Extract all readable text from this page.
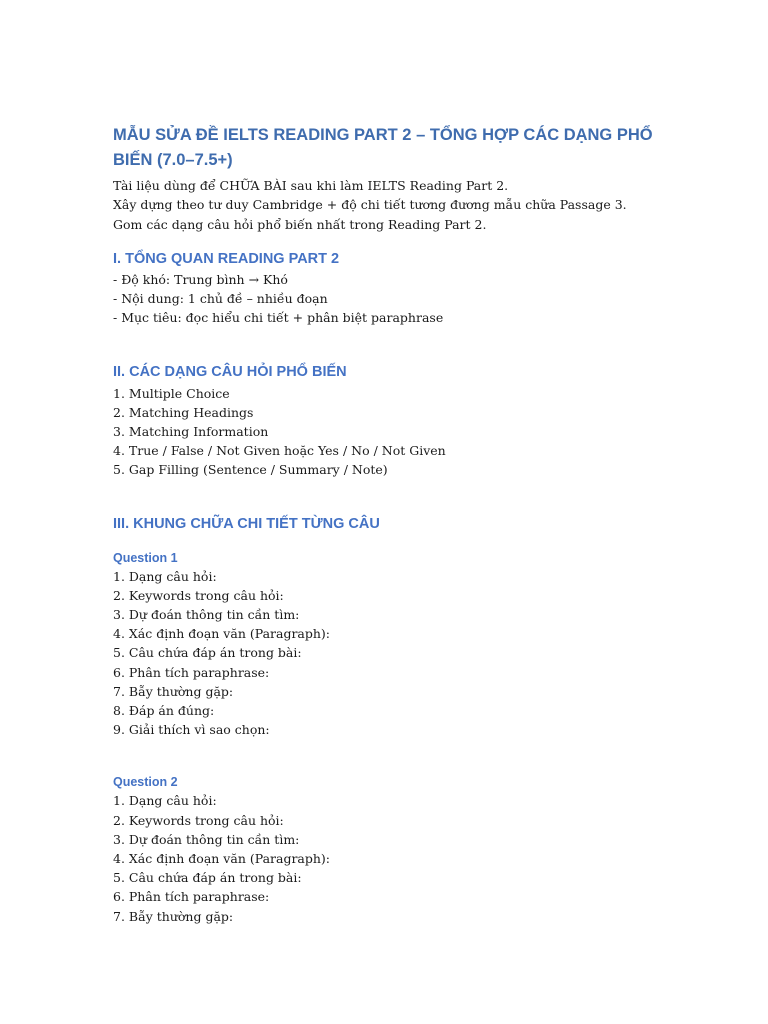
MẪU SỬA ĐỀ IELTS READING PART 2 – TỔNG HỢP CÁC DẠNG PHỔ BIẾN (7.0–7.5+)

Tài liệu dùng để CHỮA BÀI sau khi làm IELTS Reading Part 2.

Xây dựng theo tư duy Cambridge + độ chi tiết tương đương mẫu chữa Passage 3.

Gom các dạng câu hỏi phổ biến nhất trong Reading Part 2.

I. TỔNG QUAN READING PART 2
- Độ khó: Trung bình → Khó
- Nội dung: 1 chủ đề – nhiều đoạn
- Mục tiêu: đọc hiểu chi tiết + phân biệt paraphrase
II. CÁC DẠNG CÂU HỎI PHỔ BIẾN
1. Multiple Choice
2. Matching Headings
3. Matching Information
4. True / False / Not Given hoặc Yes / No / Not Given
5. Gap Filling (Sentence / Summary / Note)
III. KHUNG CHỮA CHI TIẾT TỪNG CÂU
Question 1
1. Dạng câu hỏi:
2. Keywords trong câu hỏi:
3. Dự đoán thông tin cần tìm:
4. Xác định đoạn văn (Paragraph):
5. Câu chứa đáp án trong bài:
6. Phân tích paraphrase:
7. Bẫy thường gặp:
8. Đáp án đúng:
9. Giải thích vì sao chọn:
Question 2
1. Dạng câu hỏi:
2. Keywords trong câu hỏi:
3. Dự đoán thông tin cần tìm:
4. Xác định đoạn văn (Paragraph):
5. Câu chứa đáp án trong bài:
6. Phân tích paraphrase:
7. Bẫy thường gặp:
